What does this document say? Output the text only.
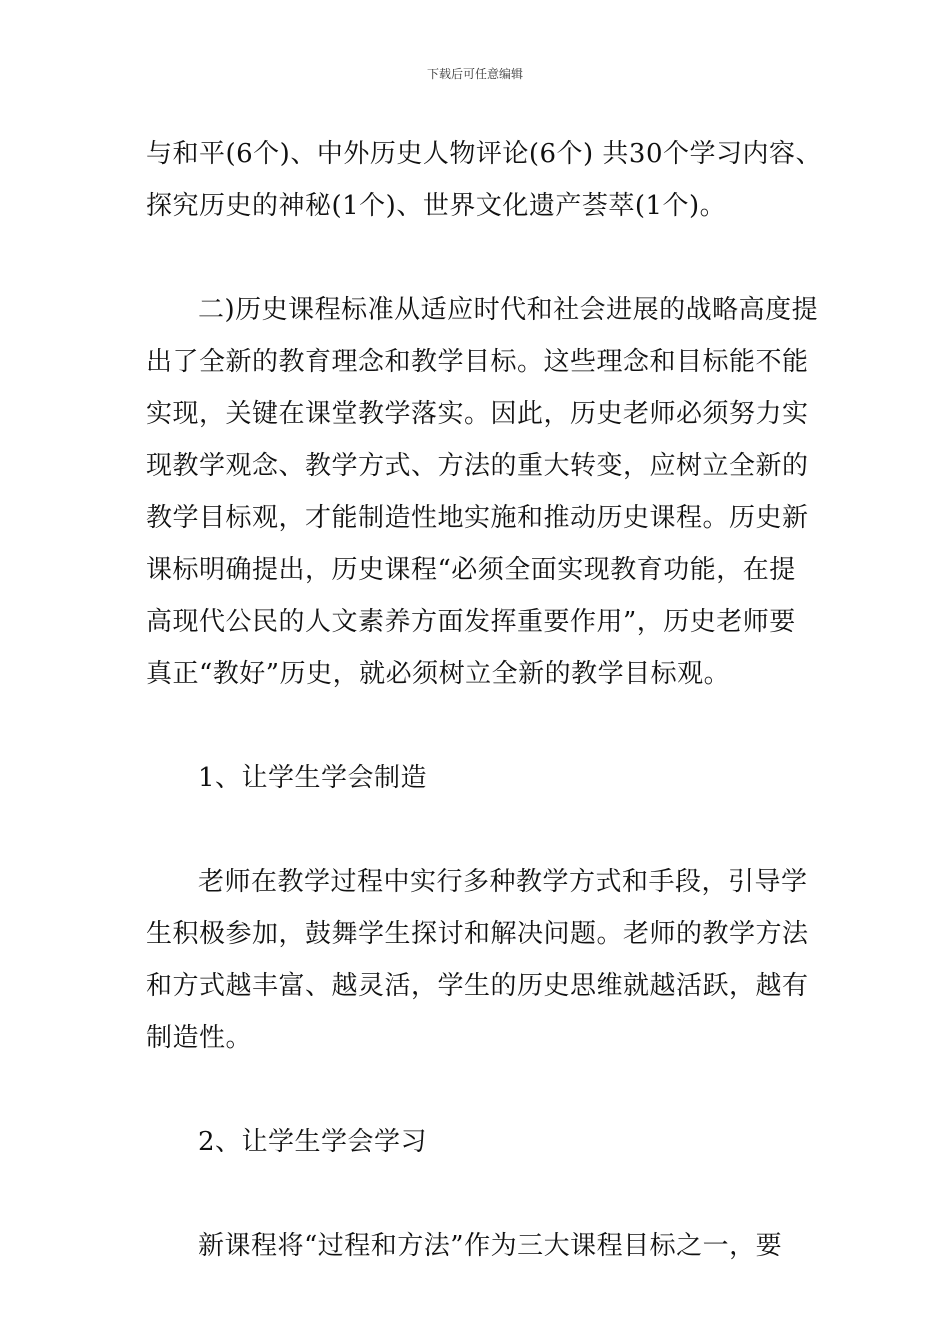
下载后可任意编辑
与和平(6个)、中外历史人物评论(6个) 共30个学习内容、
探究历史的神秘(1个)、世界文化遗产荟萃(1个)。
二)历史课程标准从适应时代和社会进展的战略高度提
出了全新的教育理念和教学目标。这些理念和目标能不能
实现，关键在课堂教学落实。因此，历史老师必须努力实
现教学观念、教学方式、方法的重大转变，应树立全新的
教学目标观，才能制造性地实施和推动历史课程。历史新
课标明确提出，历史课程“必须全面实现教育功能，在提
高现代公民的人文素养方面发挥重要作用”，历史老师要
真正“教好”历史，就必须树立全新的教学目标观。
1、让学生学会制造
老师在教学过程中实行多种教学方式和手段，引导学
生积极参加，鼓舞学生探讨和解决问题。老师的教学方法
和方式越丰富、越灵活，学生的历史思维就越活跃，越有
制造性。
2、让学生学会学习
新课程将“过程和方法”作为三大课程目标之一，要
